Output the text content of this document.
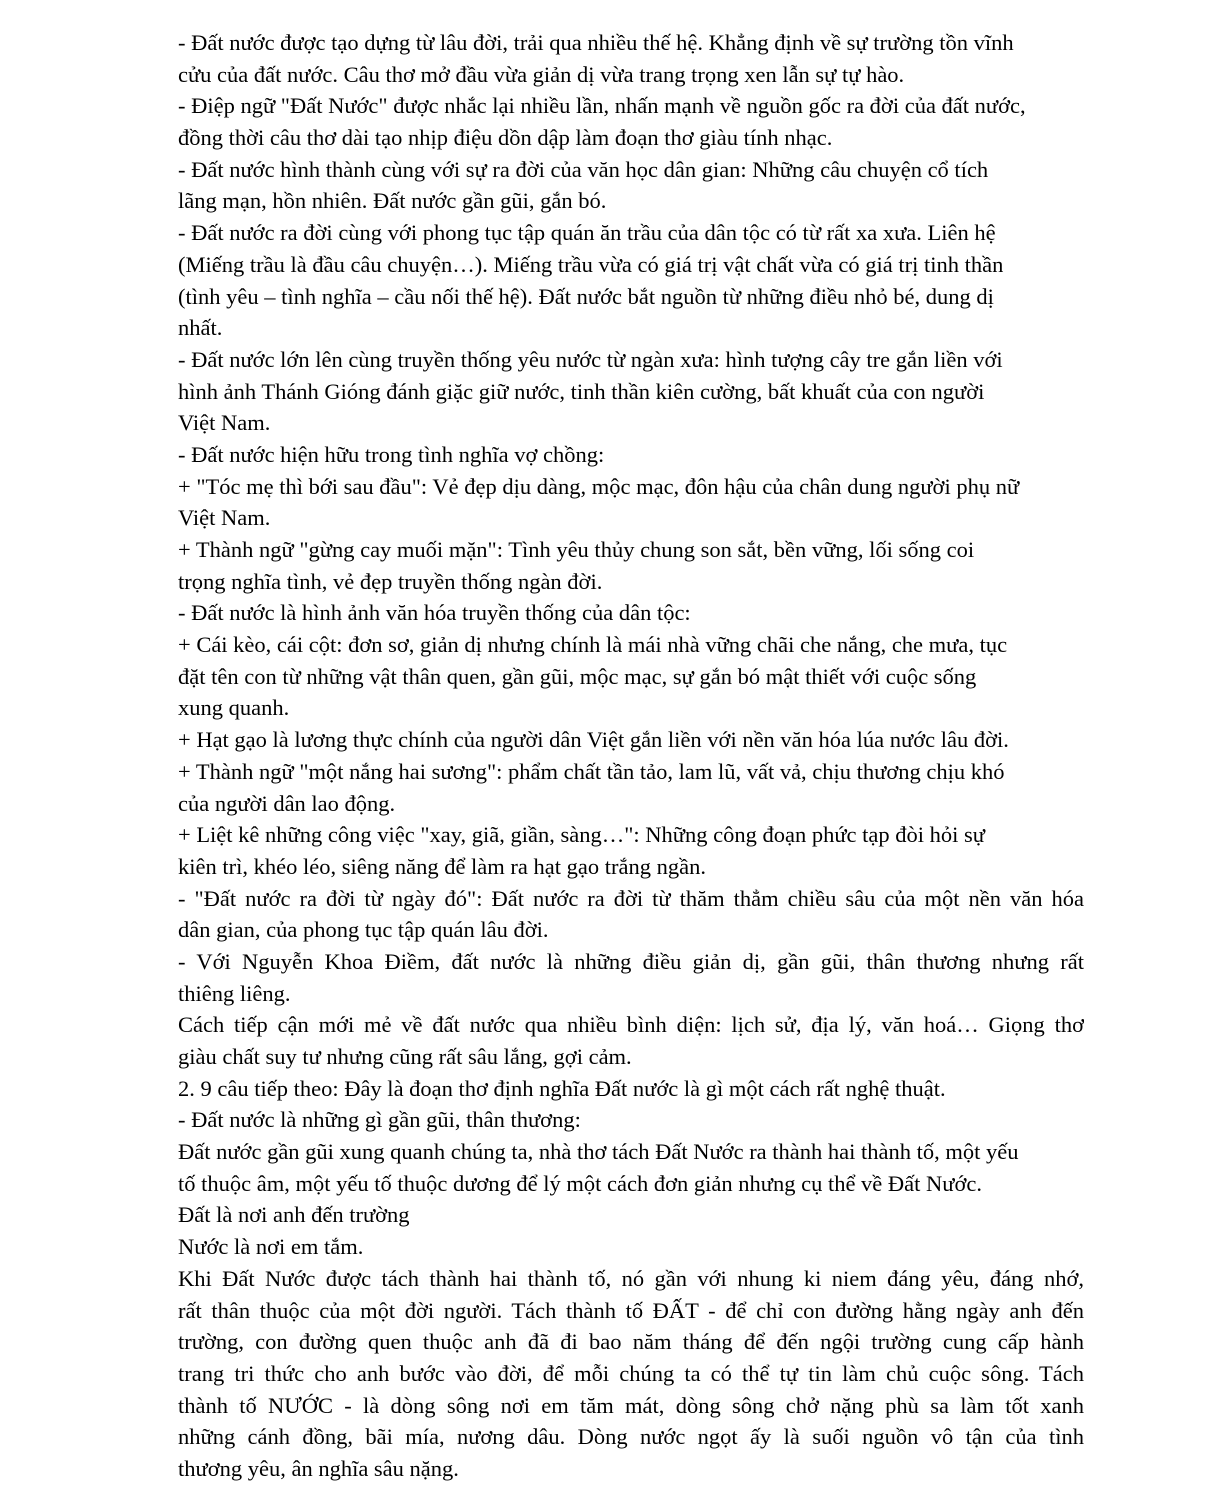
- Đất nước được tạo dựng từ lâu đời, trải qua nhiều thế hệ. Khẳng định về sự trường tồn vĩnh
cửu của đất nước. Câu thơ mở đầu vừa giản dị vừa trang trọng xen lẫn sự tự hào.
- Điệp ngữ "Đất Nước" được nhắc lại nhiều lần, nhấn mạnh về nguồn gốc ra đời của đất nước,
đồng thời câu thơ dài tạo nhịp điệu dồn dập làm đoạn thơ giàu tính nhạc.
- Đất nước hình thành cùng với sự ra đời của văn học dân gian: Những câu chuyện cổ tích
lãng mạn, hồn nhiên. Đất nước gần gũi, gắn bó.
- Đất nước ra đời cùng với phong tục tập quán ăn trầu của dân tộc có từ rất xa xưa. Liên hệ
(Miếng trầu là đầu câu chuyện…). Miếng trầu vừa có giá trị vật chất vừa có giá trị tinh thần
(tình yêu – tình nghĩa – cầu nối thế hệ). Đất nước bắt nguồn từ những điều nhỏ bé, dung dị
nhất.
- Đất nước lớn lên cùng truyền thống yêu nước từ ngàn xưa: hình tượng cây tre gắn liền với
hình ảnh Thánh Gióng đánh giặc giữ nước, tinh thần kiên cường, bất khuất của con người
Việt Nam.
- Đất nước hiện hữu trong tình nghĩa vợ chồng:
+ "Tóc mẹ thì bới sau đầu": Vẻ đẹp dịu dàng, mộc mạc, đôn hậu của chân dung người phụ nữ
Việt Nam.
+ Thành ngữ "gừng cay muối mặn": Tình yêu thủy chung son sắt, bền vững, lối sống coi
trọng nghĩa tình, vẻ đẹp truyền thống ngàn đời.
- Đất nước là hình ảnh văn hóa truyền thống của dân tộc:
+ Cái kèo, cái cột: đơn sơ, giản dị nhưng chính là mái nhà vững chãi che nắng, che mưa, tục
đặt tên con từ những vật thân quen, gần gũi, mộc mạc, sự gắn bó mật thiết với cuộc sống
xung quanh.
+ Hạt gạo là lương thực chính của người dân Việt gắn liền với nền văn hóa lúa nước lâu đời.
+ Thành ngữ "một nắng hai sương": phẩm chất tần tảo, lam lũ, vất vả, chịu thương chịu khó
của người dân lao động.
+ Liệt kê những công việc "xay, giã, giần, sàng…": Những công đoạn phức tạp đòi hỏi sự
kiên trì, khéo léo, siêng năng để làm ra hạt gạo trắng ngần.
- "Đất nước ra đời từ ngày đó": Đất nước ra đời từ thăm thẳm chiều sâu của một nền văn hóa
dân gian, của phong tục tập quán lâu đời.
- Với Nguyễn Khoa Điềm, đất nước là những điều giản dị, gần gũi, thân thương nhưng rất
thiêng liêng.
Cách tiếp cận mới mẻ về đất nước qua nhiều bình diện: lịch sử, địa lý, văn hoá… Giọng thơ
giàu chất suy tư nhưng cũng rất sâu lắng, gợi cảm.
2. 9 câu tiếp theo: Đây là đoạn thơ định nghĩa Đất nước là gì một cách rất nghệ thuật.
- Đất nước là những gì gần gũi, thân thương:
Đất nước gần gũi xung quanh chúng ta, nhà thơ tách Đất Nước ra thành hai thành tố, một yếu
tố thuộc âm, một yếu tố thuộc dương để lý một cách đơn giản nhưng cụ thể về Đất Nước.
Đất là nơi anh đến trường
Nước là nơi em tắm.
Khi Đất Nước được tách thành hai thành tố, nó gần với nhung ki niem đáng yêu, đáng nhớ,
rất thân thuộc của một đời người. Tách thành tố ĐẤT - để chỉ con đường hằng ngày anh đến
trường, con đường quen thuộc anh đã đi bao năm tháng để đến ngội trường cung cấp hành
trang tri thức cho anh bước vào đời, để mỗi chúng ta có thể tự tin làm chủ cuộc sông. Tách
thành tố NƯỚC - là dòng sông nơi em tăm mát, dòng sông chở nặng phù sa làm tốt xanh
những cánh đồng, bãi mía, nương dâu. Dòng nước ngọt ấy là suối nguồn vô tận của tình
thương yêu, ân nghĩa sâu nặng.
